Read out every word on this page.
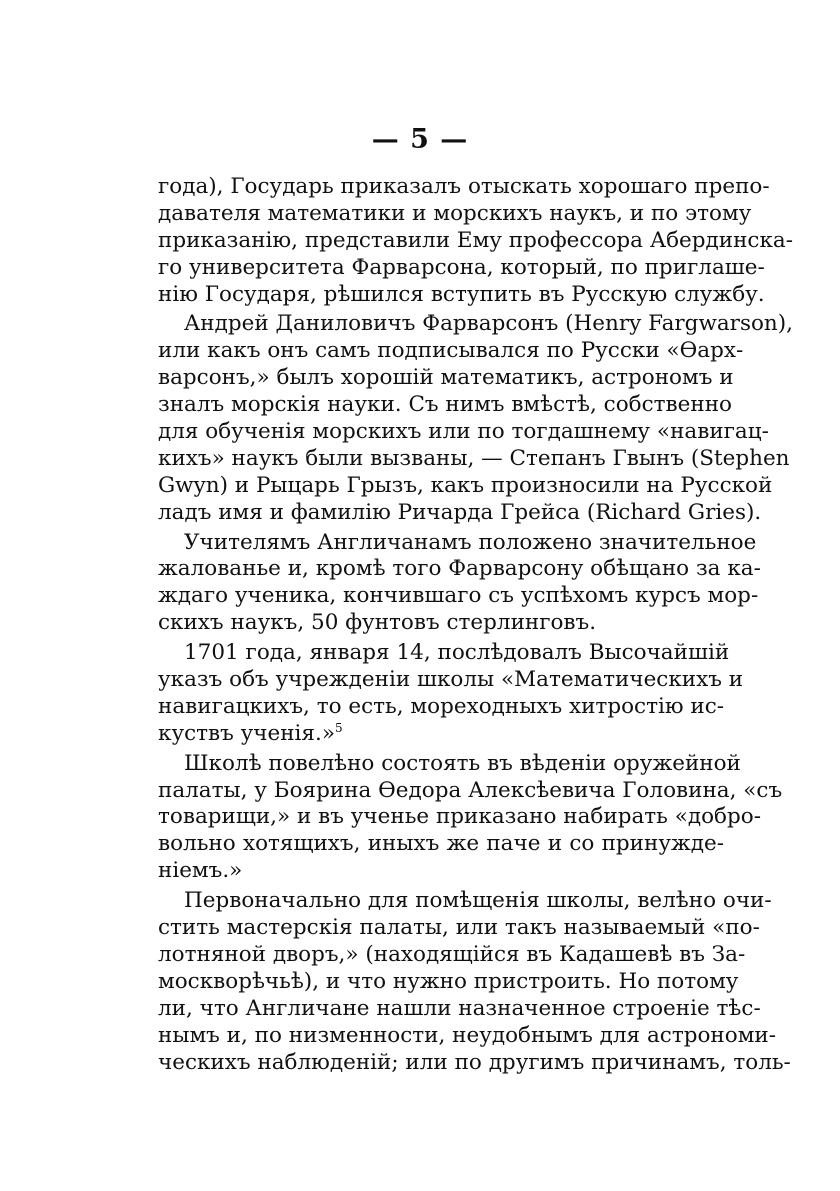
— 5 —
года), Государь приказалъ отыскать хорошаго препо-
давателя математики и морскихъ наукъ, и по этому
приказанію, представили Ему профессора Абердинска-
го университета Фарварсона, который, по приглаше-
нію Государя, рѣшился вступить въ Русскую службу.
Андрей Даниловичъ Фарварсонъ (Henry Fargwarson),
или какъ онъ самъ подписывался по Русски «Ѳарх-
варсонъ,» былъ хорошій математикъ, астрономъ и
зналъ морскія науки. Съ нимъ вмѣстѣ, собственно
для обученія морскихъ или по тогдашнему «навигац-
кихъ» наукъ были вызваны, — Степанъ Гвынъ (Stephen
Gwyn) и Рыцарь Грызъ, какъ произносили на Русской
ладъ имя и фамилію Ричарда Грейса (Richard Gries).
Учителямъ Англичанамъ положено значительное
жалованье и, кромѣ того Фарварсону обѣщано за ка-
ждаго ученика, кончившаго съ успѣхомъ курсъ мор-
скихъ наукъ, 50 фунтовъ стерлинговъ.
1701 года, января 14, послѣдовалъ Высочайшій
указъ объ учрежденіи школы «Математическихъ и
навигацкихъ, то есть, мореходныхъ хитростію ис-
куствъ ученія.»$^5$
Школѣ повелѣно состоять въ вѣденіи оружейной
палаты, у Боярина Ѳедора Алексѣевича Головина, «съ
товарищи,» и въ ученье приказано набирать «добро-
вольно хотящихъ, иныхъ же паче и со принужде-
ніемъ.»
Первоначально для помѣщенія школы, велѣно очи-
стить мастерскія палаты, или такъ называемый «по-
лотняной дворъ,» (находящійся въ Кадашевѣ въ За-
москворѣчьѣ), и что нужно пристроить. Но потому
ли, что Англичане нашли назначенное строеніе тѣс-
нымъ и, по низменности, неудобнымъ для астрономи-
ческихъ наблюденій; или по другимъ причинамъ, толь-
